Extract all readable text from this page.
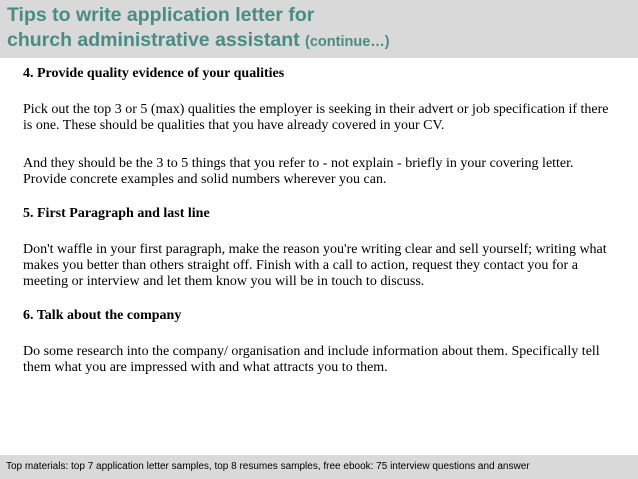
Tips to write application letter for

church administrative assistant (continue…)

4. Provide quality evidence of your qualities

Pick out the top 3 or 5 (max) qualities the employer is seeking in their advert or job specification if there is one. These should be qualities that you have already covered in your CV.

And they should be the 3 to 5 things that you refer to - not explain - briefly in your covering letter. Provide concrete examples and solid numbers wherever you can.

5. First Paragraph and last line

Don't waffle in your first paragraph, make the reason you're writing clear and sell yourself; writing what makes you better than others straight off. Finish with a call to action, request they contact you for a meeting or interview and let them know you will be in touch to discuss.

6. Talk about the company

Do some research into the company/ organisation and include information about them. Specifically tell them what you are impressed with and what attracts you to them.

Top materials: top 7 application letter samples, top 8 resumes samples, free ebook: 75 interview questions and answer
